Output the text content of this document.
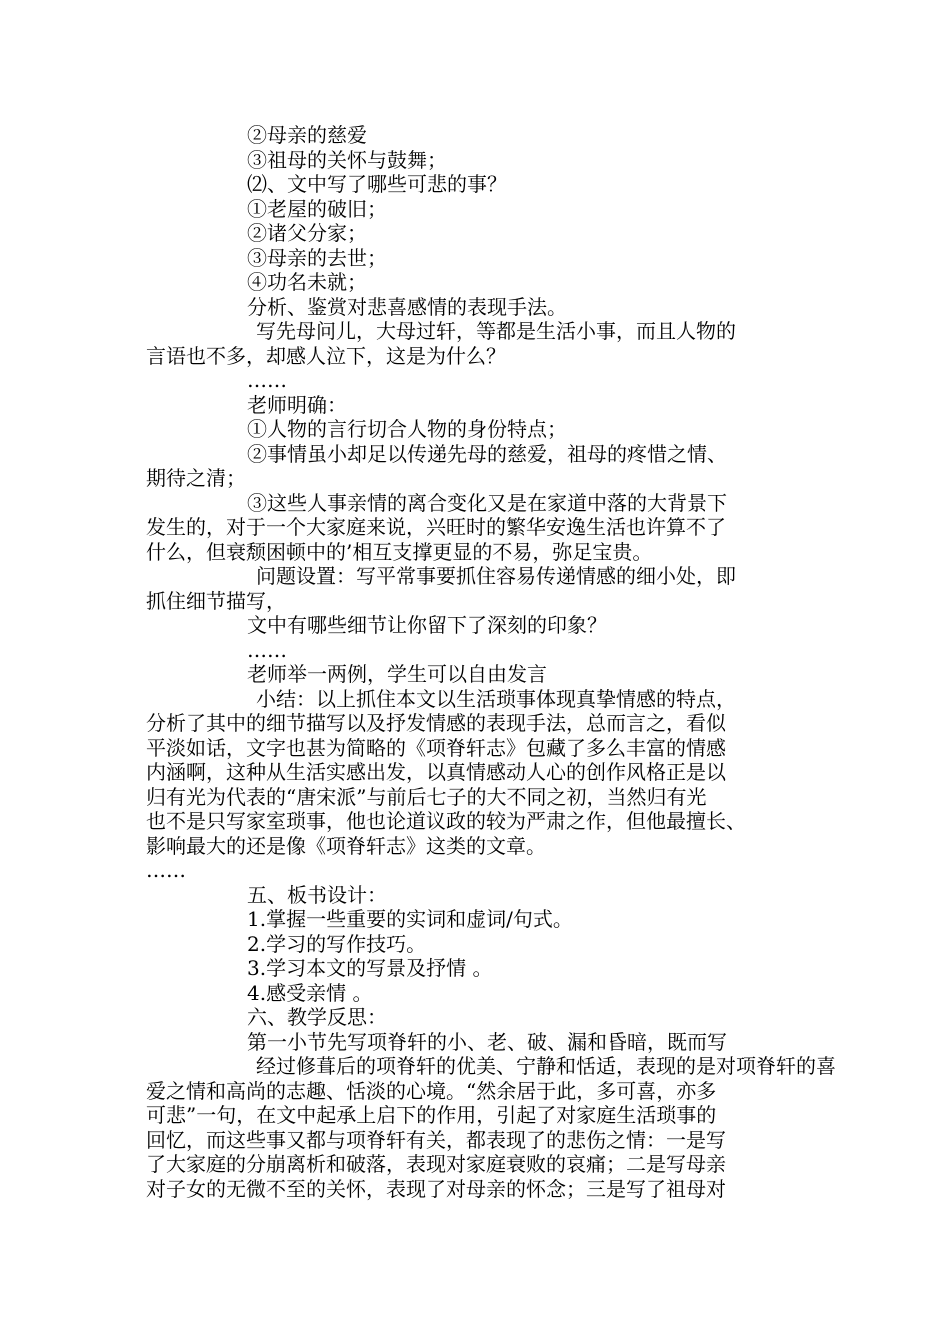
②母亲的慈爱
③祖母的关怀与鼓舞；
⑵、文中写了哪些可悲的事？
①老屋的破旧；
②诸父分家；
③母亲的去世；
④功名未就；
分析、鉴赏对悲喜感情的表现手法。
写先母问儿，大母过轩，等都是生活小事，而且人物的
言语也不多，却感人泣下，这是为什么？
……
老师明确：
①人物的言行切合人物的身份特点；
②事情虽小却足以传递先母的慈爱，祖母的疼惜之情、
期待之清；
③这些人事亲情的离合变化又是在家道中落的大背景下
发生的，对于一个大家庭来说，兴旺时的繁华安逸生活也许算不了
什么，但衰颓困顿中的’相互支撑更显的不易，弥足宝贵。
问题设置：写平常事要抓住容易传递情感的细小处，即
抓住细节描写，
文中有哪些细节让你留下了深刻的印象？
……
老师举一两例，学生可以自由发言
小结：以上抓住本文以生活琐事体现真挚情感的特点，
分析了其中的细节描写以及抒发情感的表现手法，总而言之，看似
平淡如话，文字也甚为简略的《项脊轩志》包藏了多么丰富的情感
内涵啊，这种从生活实感出发，以真情感动人心的创作风格正是以
归有光为代表的“唐宋派”与前后七子的大不同之初，当然归有光
也不是只写家室琐事，他也论道议政的较为严肃之作，但他最擅长、
影响最大的还是像《项脊轩志》这类的文章。
……
五、板书设计：
1.掌握一些重要的实词和虚词/句式。
2.学习的写作技巧。
3.学习本文的写景及抒情 。
4.感受亲情 。
六、教学反思：
第一小节先写项脊轩的小、老、破、漏和昏暗，既而写
经过修葺后的项脊轩的优美、宁静和恬适，表现的是对项脊轩的喜
爱之情和高尚的志趣、恬淡的心境。“然余居于此，多可喜，亦多
可悲”一句，在文中起承上启下的作用，引起了对家庭生活琐事的
回忆，而这些事又都与项脊轩有关，都表现了的悲伤之情：一是写
了大家庭的分崩离析和破落，表现对家庭衰败的哀痛；二是写母亲
对子女的无微不至的关怀，表现了对母亲的怀念；三是写了祖母对
